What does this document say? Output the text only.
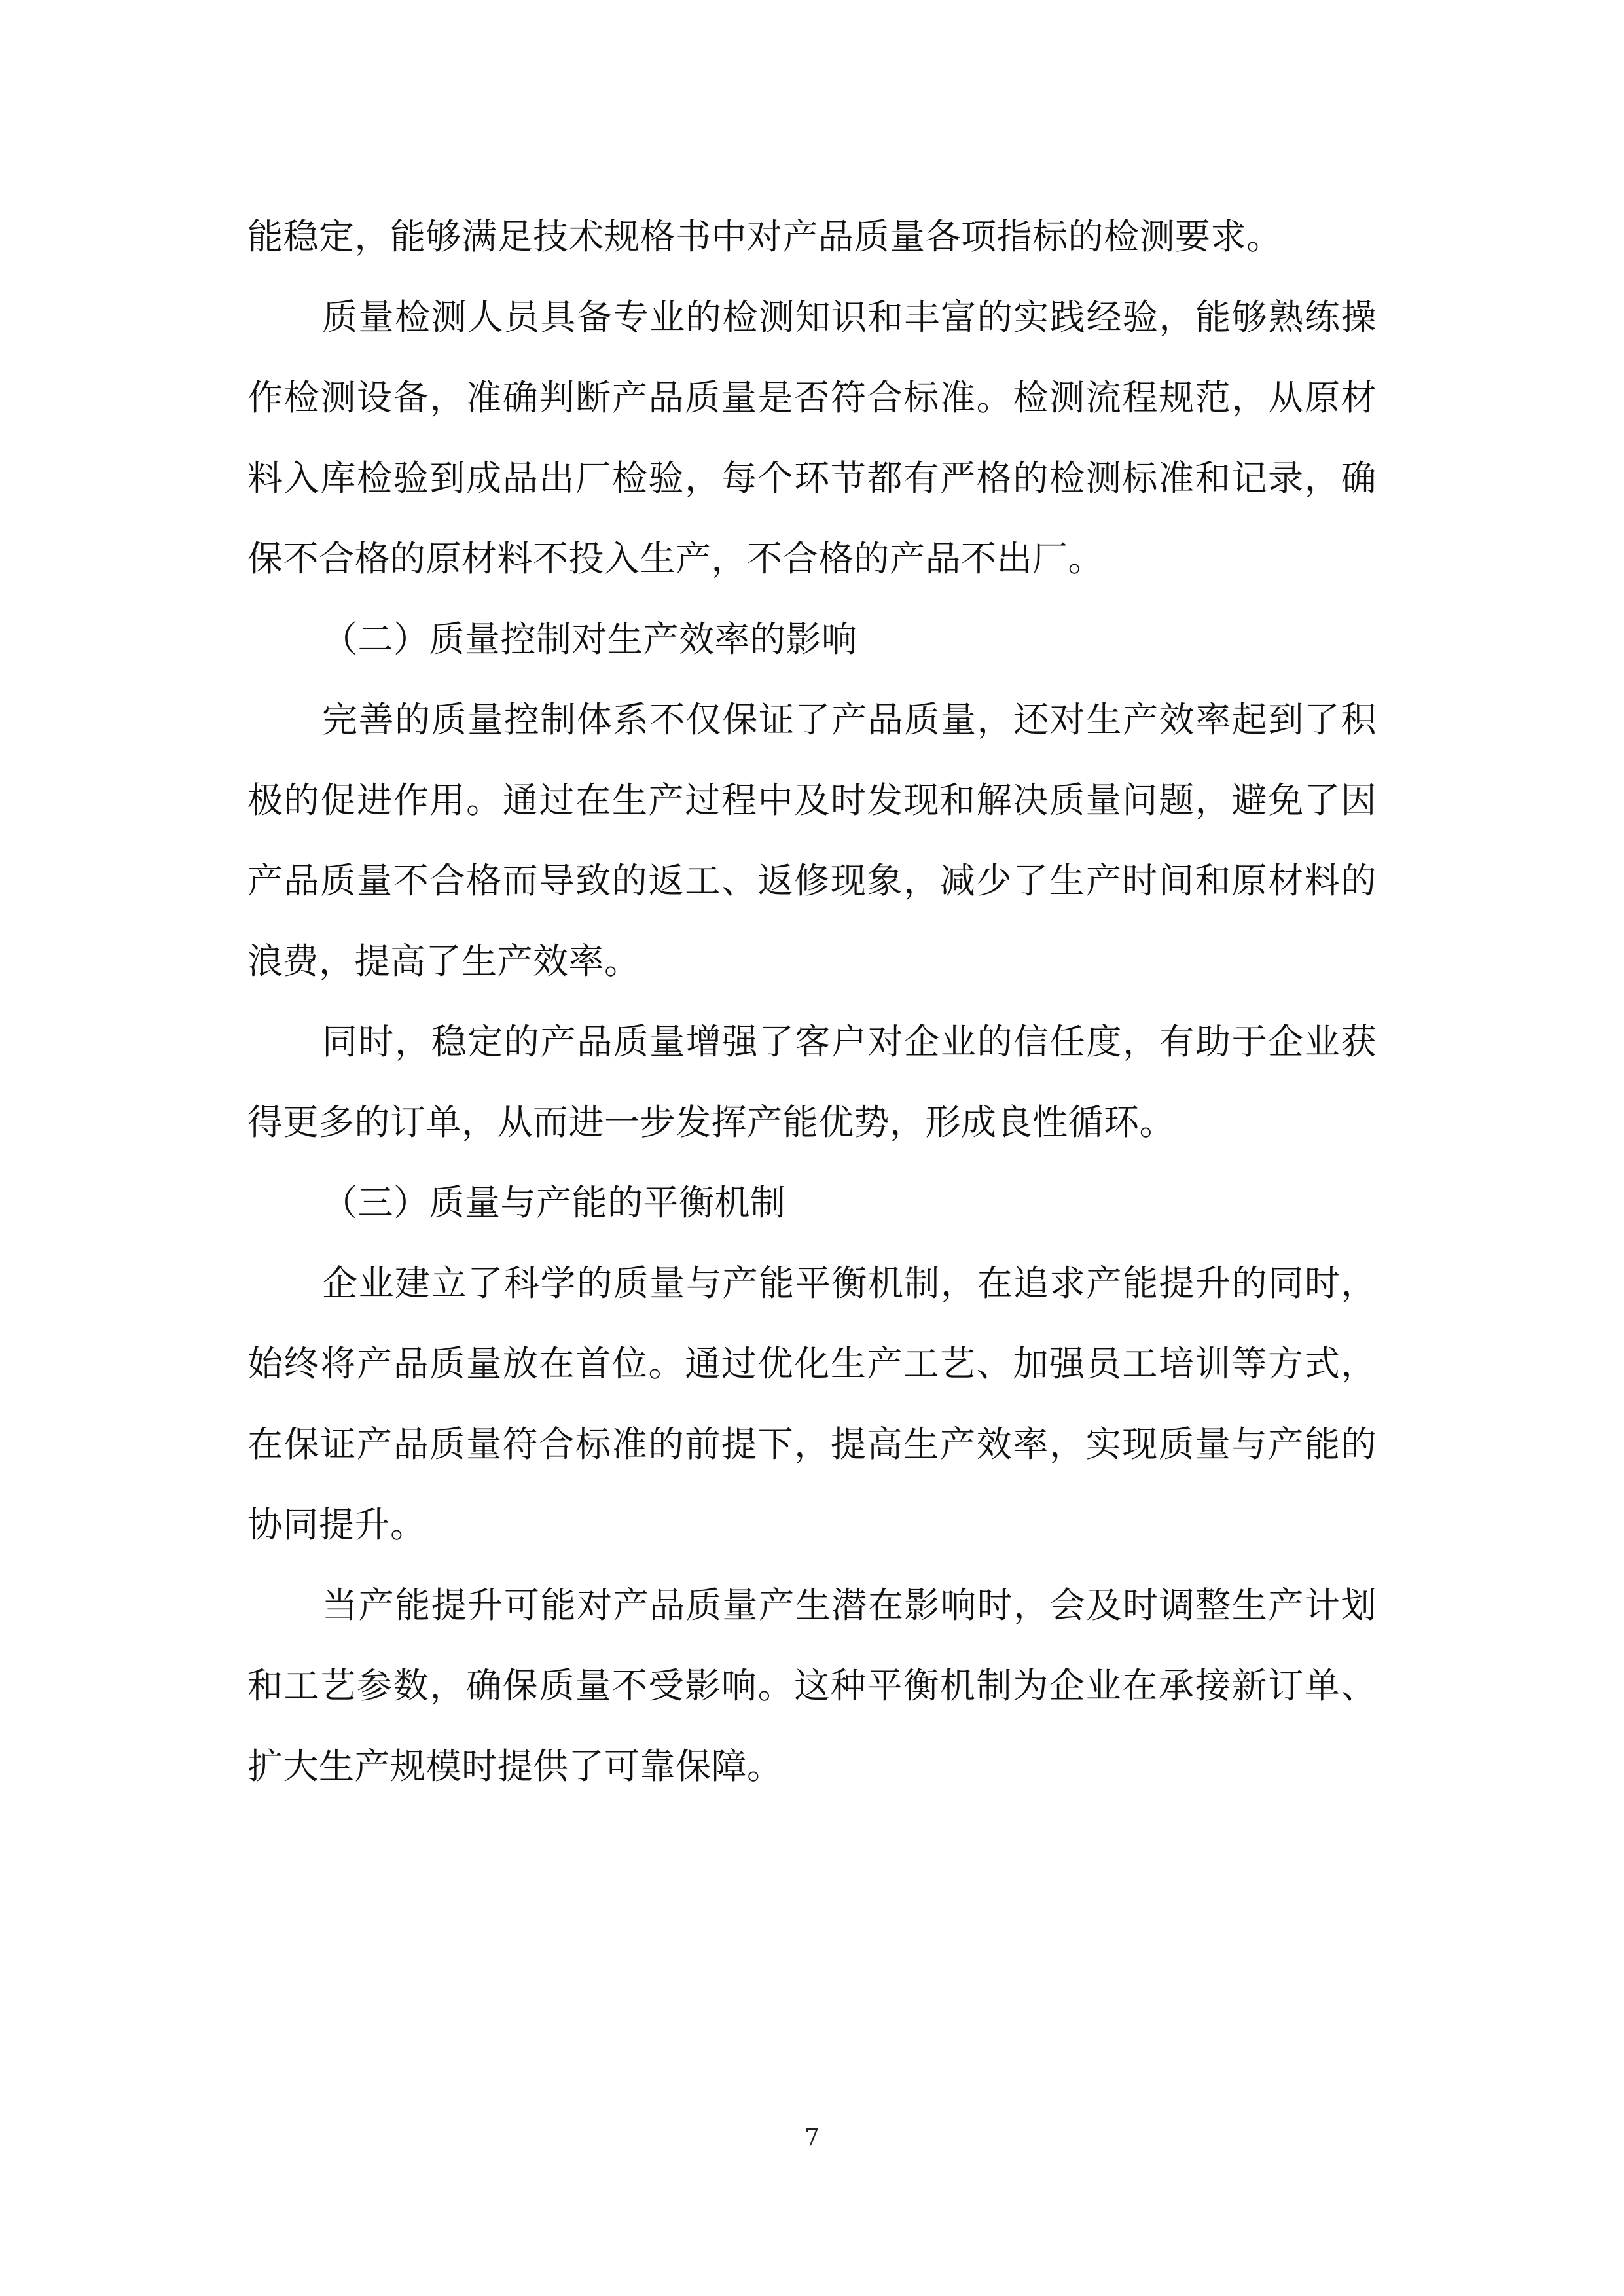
能稳定，能够满足技术规格书中对产品质量各项指标的检测要求。

质量检测人员具备专业的检测知识和丰富的实践经验，能够熟练操作检测设备，准确判断产品质量是否符合标准。检测流程规范，从原材料入库检验到成品出厂检验，每个环节都有严格的检测标准和记录，确保不合格的原材料不投入生产，不合格的产品不出厂。

（二）质量控制对生产效率的影响

完善的质量控制体系不仅保证了产品质量，还对生产效率起到了积极的促进作用。通过在生产过程中及时发现和解决质量问题，避免了因产品质量不合格而导致的返工、返修现象，减少了生产时间和原材料的浪费，提高了生产效率。

同时，稳定的产品质量增强了客户对企业的信任度，有助于企业获得更多的订单，从而进一步发挥产能优势，形成良性循环。

（三）质量与产能的平衡机制

企业建立了科学的质量与产能平衡机制，在追求产能提升的同时，始终将产品质量放在首位。通过优化生产工艺、加强员工培训等方式，在保证产品质量符合标准的前提下，提高生产效率，实现质量与产能的协同提升。

当产能提升可能对产品质量产生潜在影响时，会及时调整生产计划和工艺参数，确保质量不受影响。这种平衡机制为企业在承接新订单、扩大生产规模时提供了可靠保障。

7
